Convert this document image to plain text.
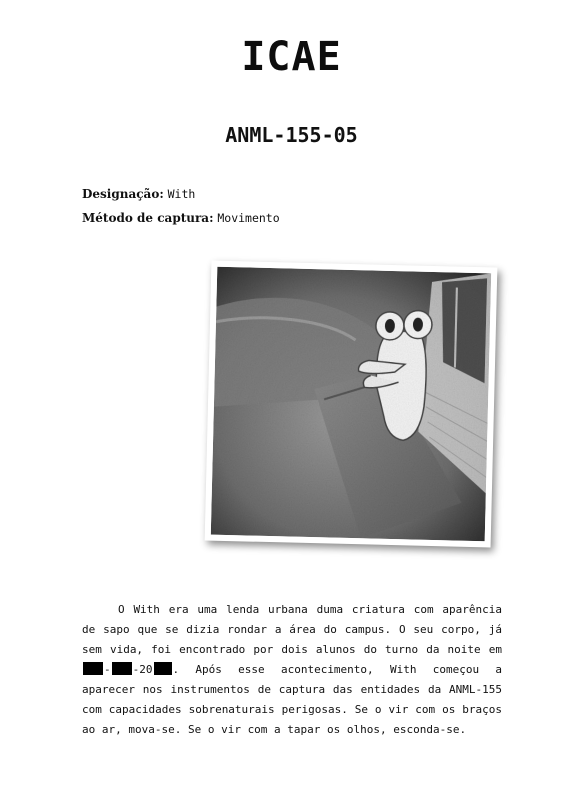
ICAE
ANML-155-05
Designação: With
Método de captura: Movimento
O With era uma lenda urbana duma criatura com aparência de sapo que se dizia rondar a área do campus. O seu corpo, já sem vida, foi encontrado por dois alunos do turno da noite em - -20 . Após esse acontecimento, With começou a aparecer nos instrumentos de captura das entidades da ANML-155 com capacidades sobrenaturais perigosas. Se o vir com os braços ao ar, mova-se. Se o vir com a tapar os olhos, esconda-se.
